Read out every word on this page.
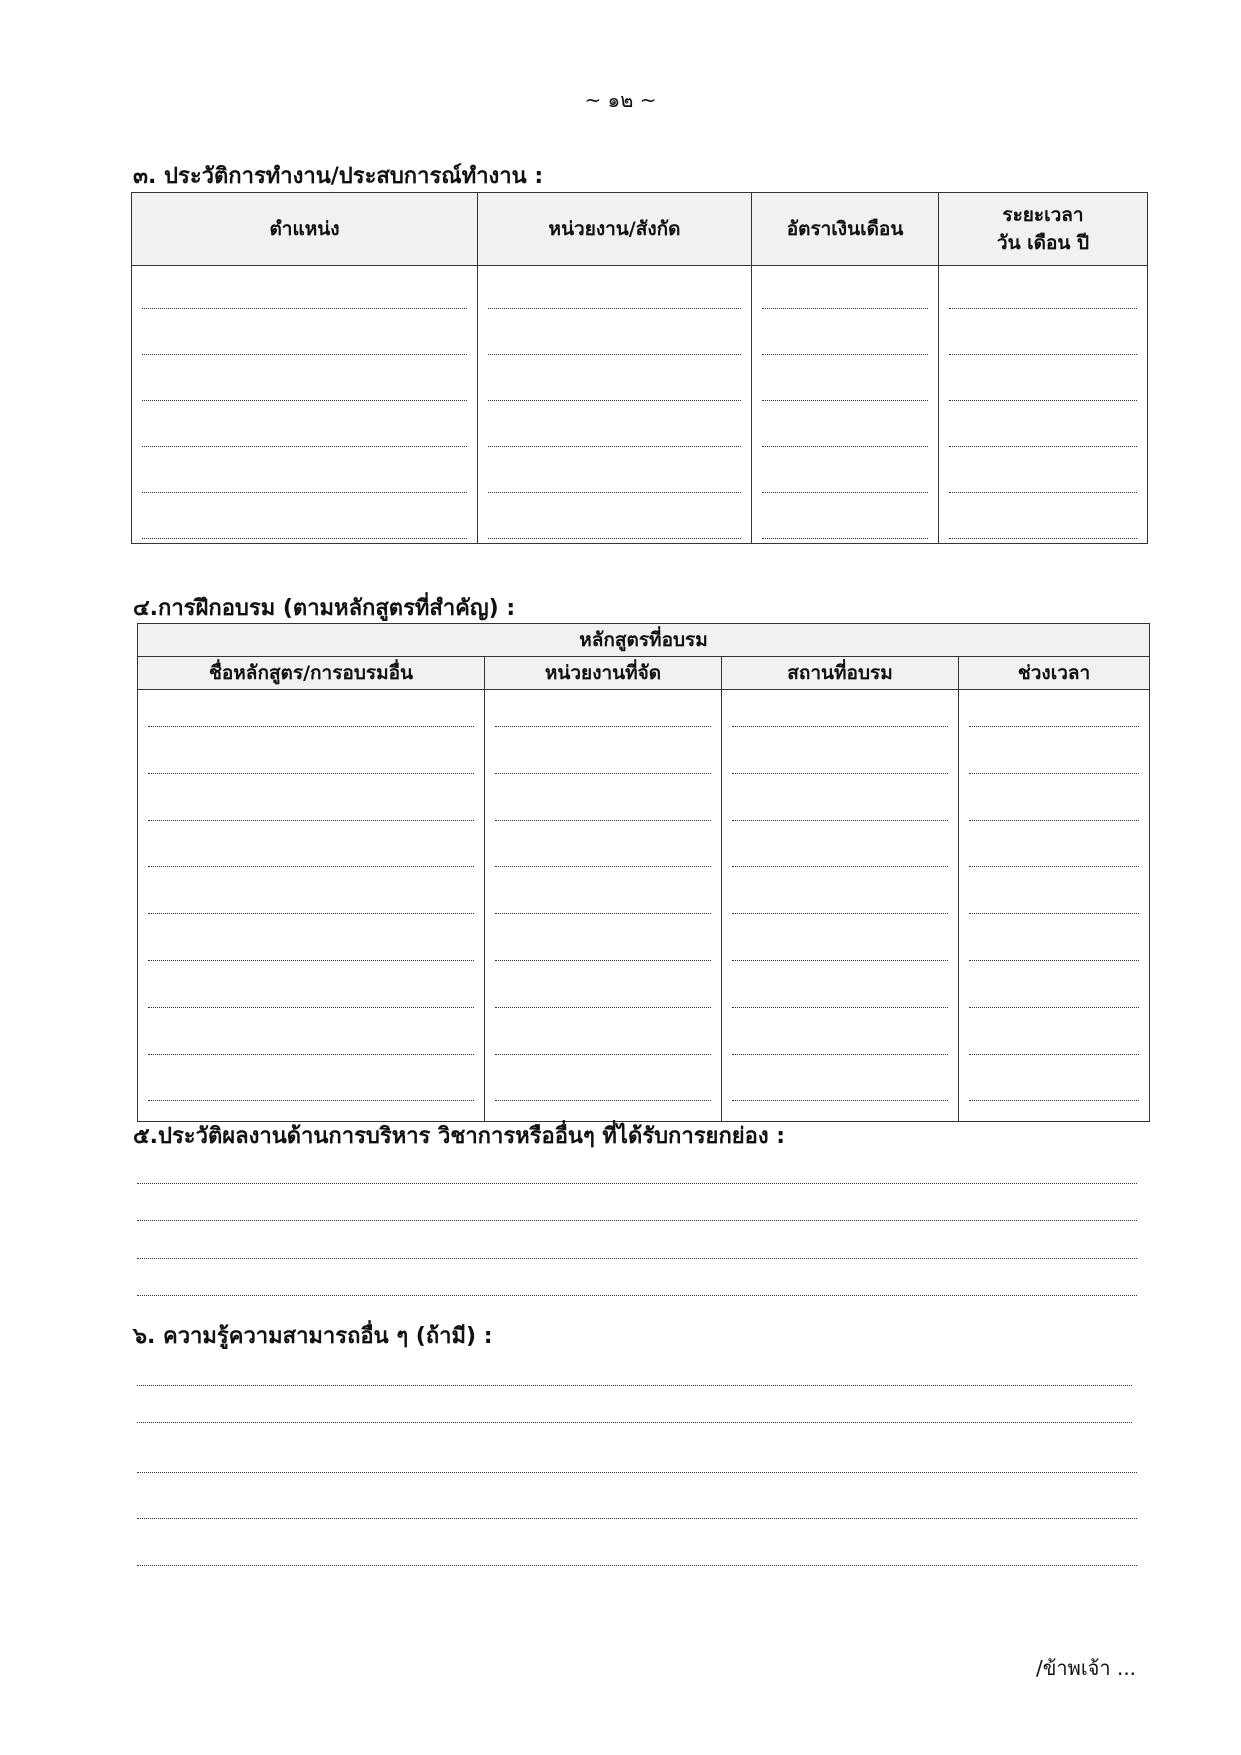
~ ๑๒ ~
๓. ประวัติการทำงาน/ประสบการณ์ทำงาน :
ตำแหน่ง	หน่วยงาน/สังกัด	อัตราเงินเดือน	ระยะเวลา
วัน เดือน ปี

๔.การฝึกอบรม (ตามหลักสูตรที่สำคัญ) :
หลักสูตรที่อบรม			
ชื่อหลักสูตร/การอบรมอื่น	หน่วยงานที่จัด	สถานที่อบรม	ช่วงเวลา

๕.ประวัติผลงานด้านการบริหาร วิชาการหรืออื่นๆ ที่ได้รับการยกย่อง :
๖. ความรู้ความสามารถอื่น ๆ (ถ้ามี) :
/ข้าพเจ้า ...
